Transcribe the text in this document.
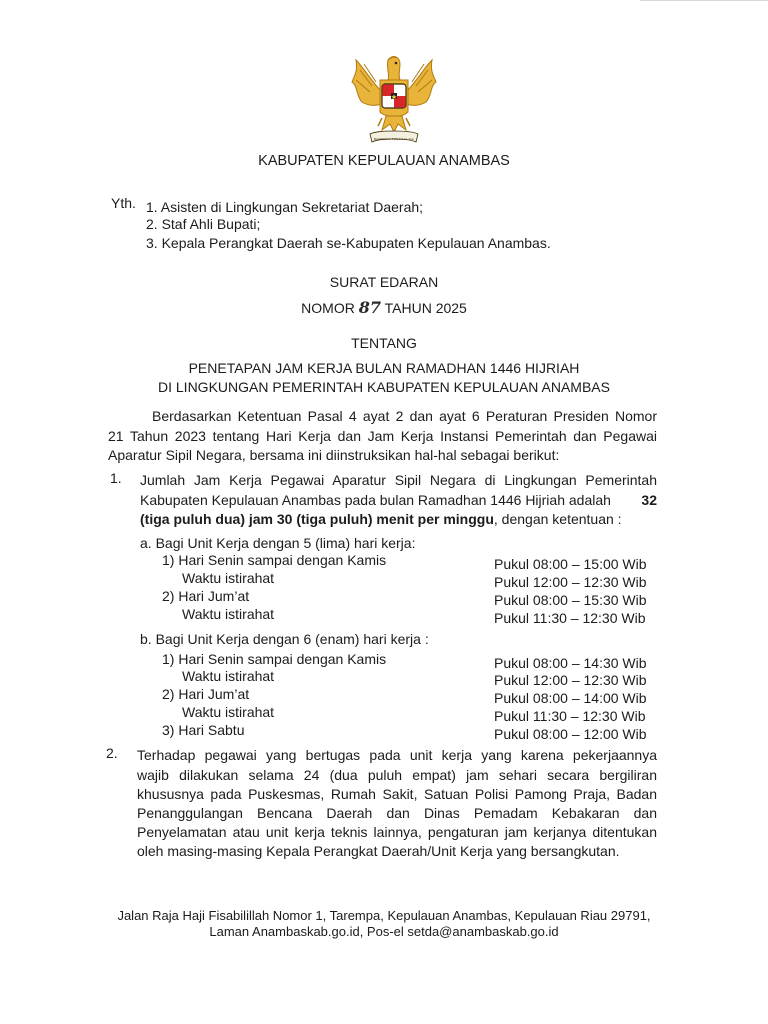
BHINNEKA TUNGGAL IKA
KABUPATEN KEPULAUAN ANAMBAS
Yth. 1. Asisten di Lingkungan Sekretariat Daerah;
2. Staf Ahli Bupati;
3. Kepala Perangkat Daerah se-Kabupaten Kepulauan Anambas.
SURAT EDARAN
NOMOR 87 TAHUN 2025
TENTANG
PENETAPAN JAM KERJA BULAN RAMADHAN 1446 HIJRIAH
DI LINGKUNGAN PEMERINTAH KABUPATEN KEPULAUAN ANAMBAS
Berdasarkan Ketentuan Pasal 4 ayat 2 dan ayat 6 Peraturan Presiden Nomor
21 Tahun 2023 tentang Hari Kerja dan Jam Kerja Instansi Pemerintah dan Pegawai
Aparatur Sipil Negara, bersama ini diinstruksikan hal-hal sebagai berikut:
1. Jumlah Jam Kerja Pegawai Aparatur Sipil Negara di Lingkungan Pemerintah
Kabupaten Kepulauan Anambas pada bulan Ramadhan 1446 Hijriah adalah 32
(tiga puluh dua) jam 30 (tiga puluh) menit per minggu, dengan ketentuan :
a. Bagi Unit Kerja dengan 5 (lima) hari kerja:
1) Hari Senin sampai dengan Kamis	Pukul 08:00 – 15:00 Wib
Waktu istirahat	Pukul 12:00 – 12:30 Wib
2) Hari Jum’at	Pukul 08:00 – 15:30 Wib
Waktu istirahat	Pukul 11:30 – 12:30 Wib
b. Bagi Unit Kerja dengan 6 (enam) hari kerja :
1) Hari Senin sampai dengan Kamis	Pukul 08:00 – 14:30 Wib
Waktu istirahat	Pukul 12:00 – 12:30 Wib
2) Hari Jum’at	Pukul 08:00 – 14:00 Wib
Waktu istirahat	Pukul 11:30 – 12:30 Wib
3) Hari Sabtu	Pukul 08:00 – 12:00 Wib
2. Terhadap pegawai yang bertugas pada unit kerja yang karena pekerjaannya
wajib dilakukan selama 24 (dua puluh empat) jam sehari secara bergiliran
khususnya pada Puskesmas, Rumah Sakit, Satuan Polisi Pamong Praja, Badan
Penanggulangan Bencana Daerah dan Dinas Pemadam Kebakaran dan
Penyelamatan atau unit kerja teknis lainnya, pengaturan jam kerjanya ditentukan
oleh masing-masing Kepala Perangkat Daerah/Unit Kerja yang bersangkutan.
Jalan Raja Haji Fisabilillah Nomor 1, Tarempa, Kepulauan Anambas, Kepulauan Riau 29791,
Laman Anambaskab.go.id, Pos-el setda@anambaskab.go.id
